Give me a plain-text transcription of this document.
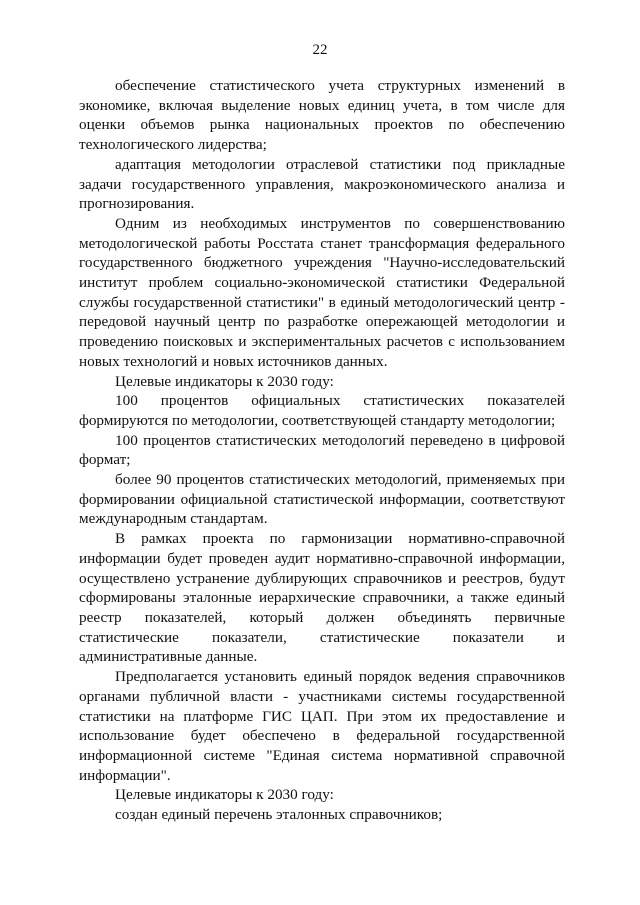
22

обеспечение статистического учета структурных изменений в экономике, включая выделение новых единиц учета, в том числе для оценки объемов рынка национальных проектов по обеспечению технологического лидерства;

адаптация методологии отраслевой статистики под прикладные задачи государственного управления, макроэкономического анализа и прогнозирования.

Одним из необходимых инструментов по совершенствованию методологической работы Росстата станет трансформация федерального государственного бюджетного учреждения "Научно-исследовательский институт проблем социально-экономической статистики Федеральной службы государственной статистики" в единый методологический центр - передовой научный центр по разработке опережающей методологии и проведению поисковых и экспериментальных расчетов с использованием новых технологий и новых источников данных.

Целевые индикаторы к 2030 году:

100 процентов официальных статистических показателей формируются по методологии, соответствующей стандарту методологии;

100 процентов статистических методологий переведено в цифровой формат;

более 90 процентов статистических методологий, применяемых при формировании официальной статистической информации, соответствуют международным стандартам.

В рамках проекта по гармонизации нормативно-справочной информации будет проведен аудит нормативно-справочной информации, осуществлено устранение дублирующих справочников и реестров, будут сформированы эталонные иерархические справочники, а также единый реестр показателей, который должен объединять первичные статистические показатели, статистические показатели и административные данные.

Предполагается установить единый порядок ведения справочников органами публичной власти - участниками системы государственной статистики на платформе ГИС ЦАП. При этом их предоставление и использование будет обеспечено в федеральной государственной информационной системе "Единая система нормативной справочной информации".

Целевые индикаторы к 2030 году:

создан единый перечень эталонных справочников;
